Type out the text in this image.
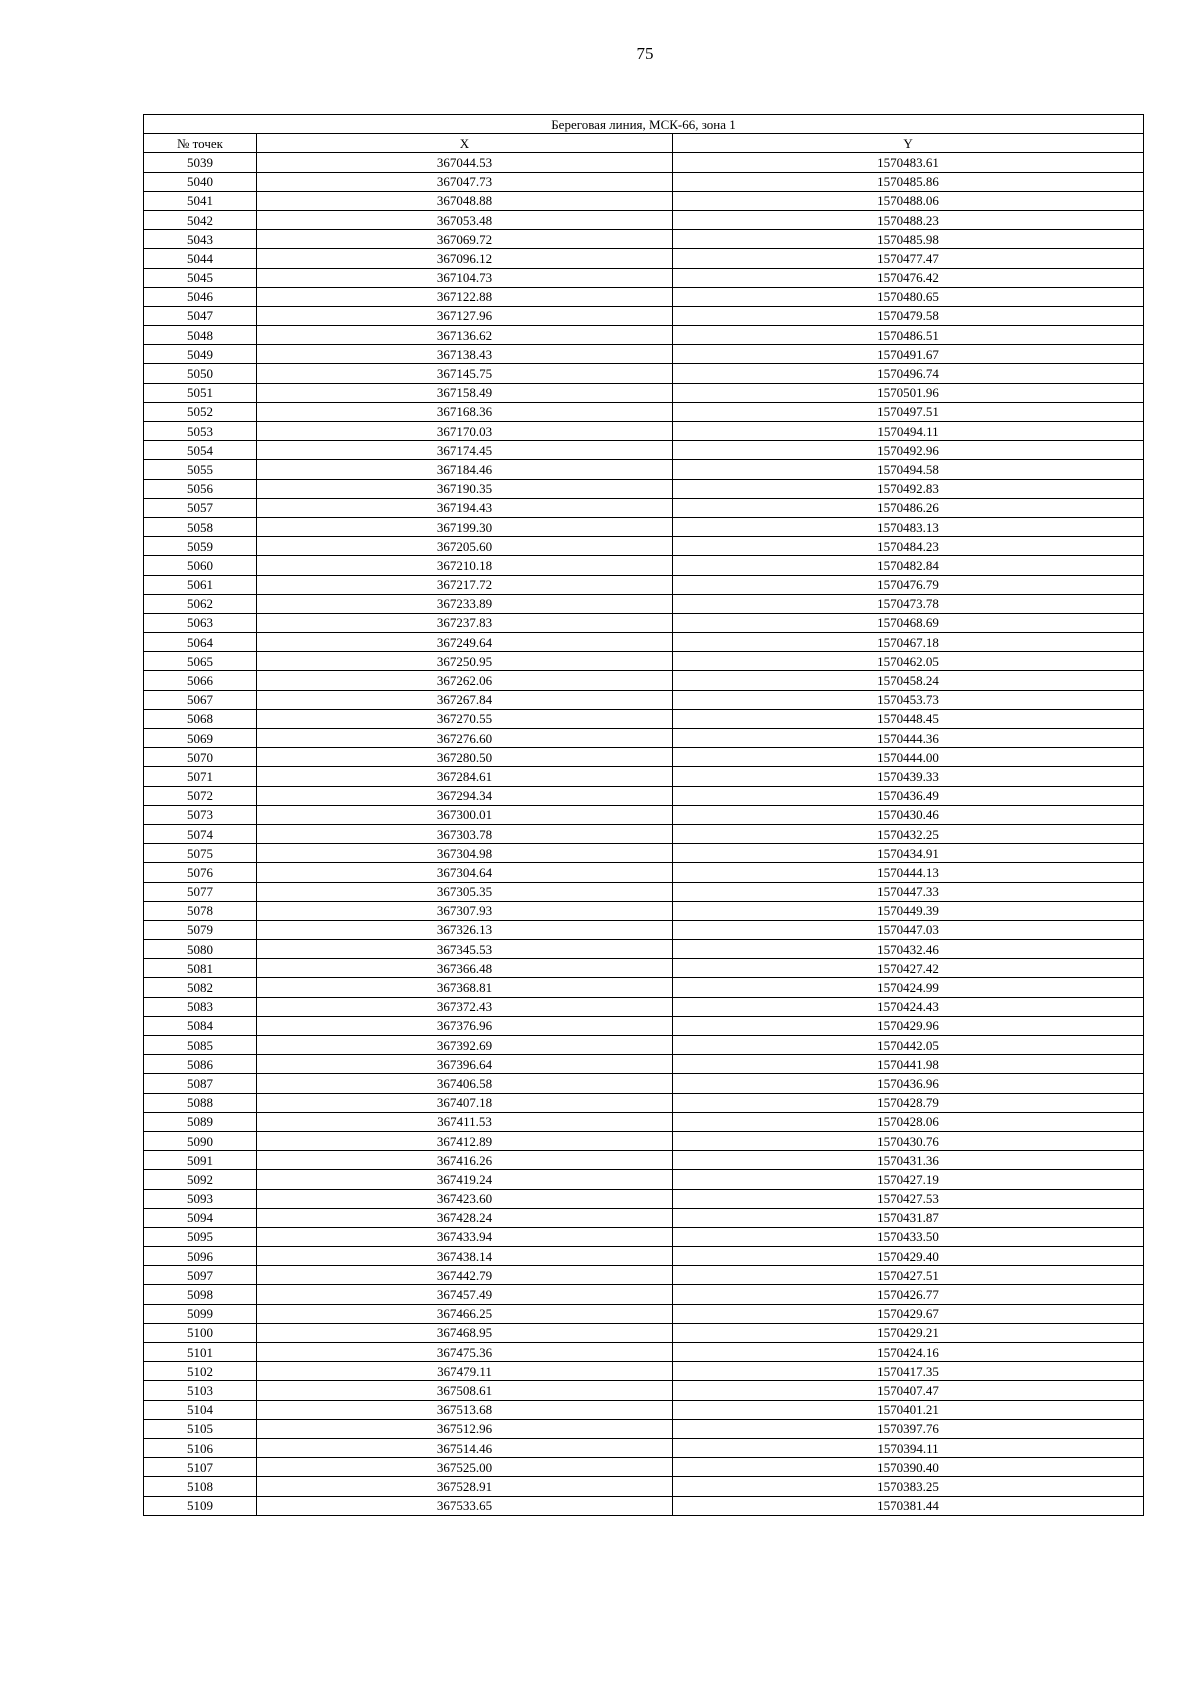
75
Береговая линия, МСК-66, зона 1		
№ точек	X	Y
5039	367044.53	1570483.61
5040	367047.73	1570485.86
5041	367048.88	1570488.06
5042	367053.48	1570488.23
5043	367069.72	1570485.98
5044	367096.12	1570477.47
5045	367104.73	1570476.42
5046	367122.88	1570480.65
5047	367127.96	1570479.58
5048	367136.62	1570486.51
5049	367138.43	1570491.67
5050	367145.75	1570496.74
5051	367158.49	1570501.96
5052	367168.36	1570497.51
5053	367170.03	1570494.11
5054	367174.45	1570492.96
5055	367184.46	1570494.58
5056	367190.35	1570492.83
5057	367194.43	1570486.26
5058	367199.30	1570483.13
5059	367205.60	1570484.23
5060	367210.18	1570482.84
5061	367217.72	1570476.79
5062	367233.89	1570473.78
5063	367237.83	1570468.69
5064	367249.64	1570467.18
5065	367250.95	1570462.05
5066	367262.06	1570458.24
5067	367267.84	1570453.73
5068	367270.55	1570448.45
5069	367276.60	1570444.36
5070	367280.50	1570444.00
5071	367284.61	1570439.33
5072	367294.34	1570436.49
5073	367300.01	1570430.46
5074	367303.78	1570432.25
5075	367304.98	1570434.91
5076	367304.64	1570444.13
5077	367305.35	1570447.33
5078	367307.93	1570449.39
5079	367326.13	1570447.03
5080	367345.53	1570432.46
5081	367366.48	1570427.42
5082	367368.81	1570424.99
5083	367372.43	1570424.43
5084	367376.96	1570429.96
5085	367392.69	1570442.05
5086	367396.64	1570441.98
5087	367406.58	1570436.96
5088	367407.18	1570428.79
5089	367411.53	1570428.06
5090	367412.89	1570430.76
5091	367416.26	1570431.36
5092	367419.24	1570427.19
5093	367423.60	1570427.53
5094	367428.24	1570431.87
5095	367433.94	1570433.50
5096	367438.14	1570429.40
5097	367442.79	1570427.51
5098	367457.49	1570426.77
5099	367466.25	1570429.67
5100	367468.95	1570429.21
5101	367475.36	1570424.16
5102	367479.11	1570417.35
5103	367508.61	1570407.47
5104	367513.68	1570401.21
5105	367512.96	1570397.76
5106	367514.46	1570394.11
5107	367525.00	1570390.40
5108	367528.91	1570383.25
5109	367533.65	1570381.44
